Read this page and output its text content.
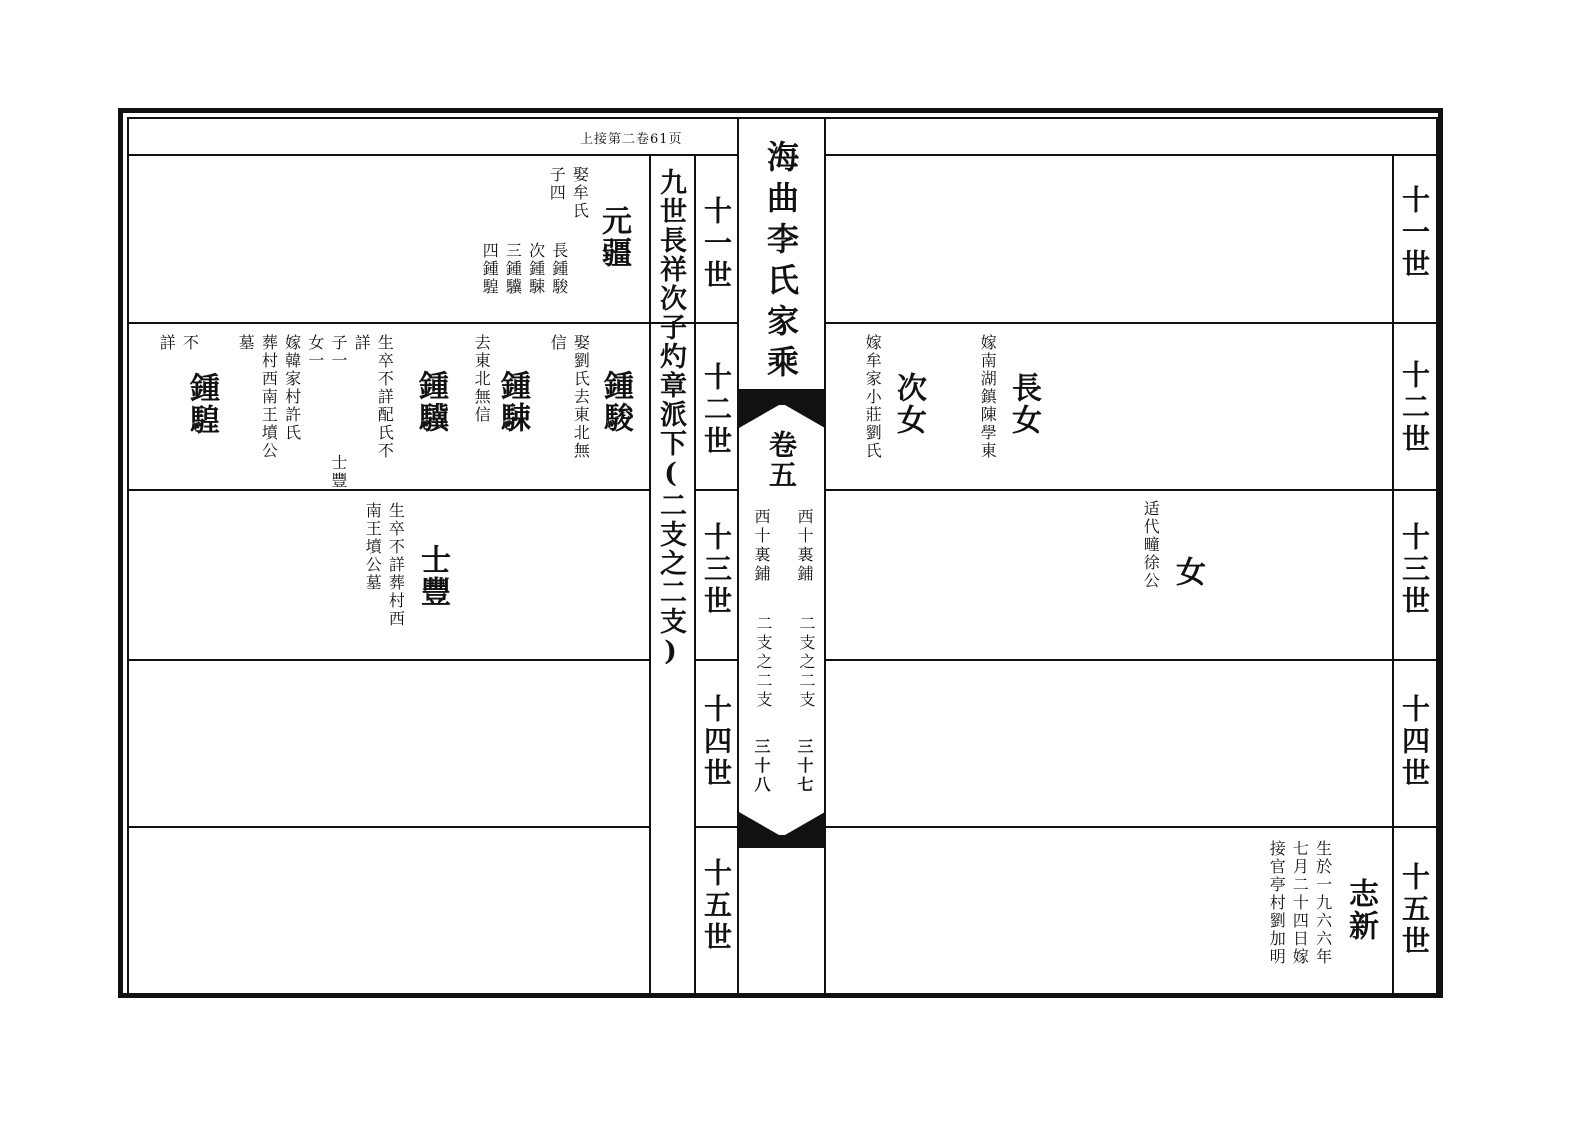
上接第二卷61页
海曲李氏家乘
卷五
西十裏鋪
二支之二支
三十七
西十裏鋪
二支之二支
三十八
九世長祥次子灼章派下(二支之二支) 十一世
十二世
十三世
十四世
十五世
十一世
十二世
十三世
十四世
十五世
元疆
娶牟氏
子四
長鍾駿
次鍾駷
三鍾驥
四鍾騜
鍾駿
娶劉氏去東北無
信
鍾駷
去東北無信
鍾驥
生卒不詳配氏不
詳
子一    士豐
女一
嫁韓家村許氏
葬村西南王墳公
墓
鍾騜
不
詳
士豐
生卒不詳葬村西
南王墳公墓
長女
嫁南湖鎮陳學東
次女
嫁牟家小莊劉氏
女
适代疃徐公
志新
生於一九六六年
七月二十四日嫁
接官亭村劉加明
